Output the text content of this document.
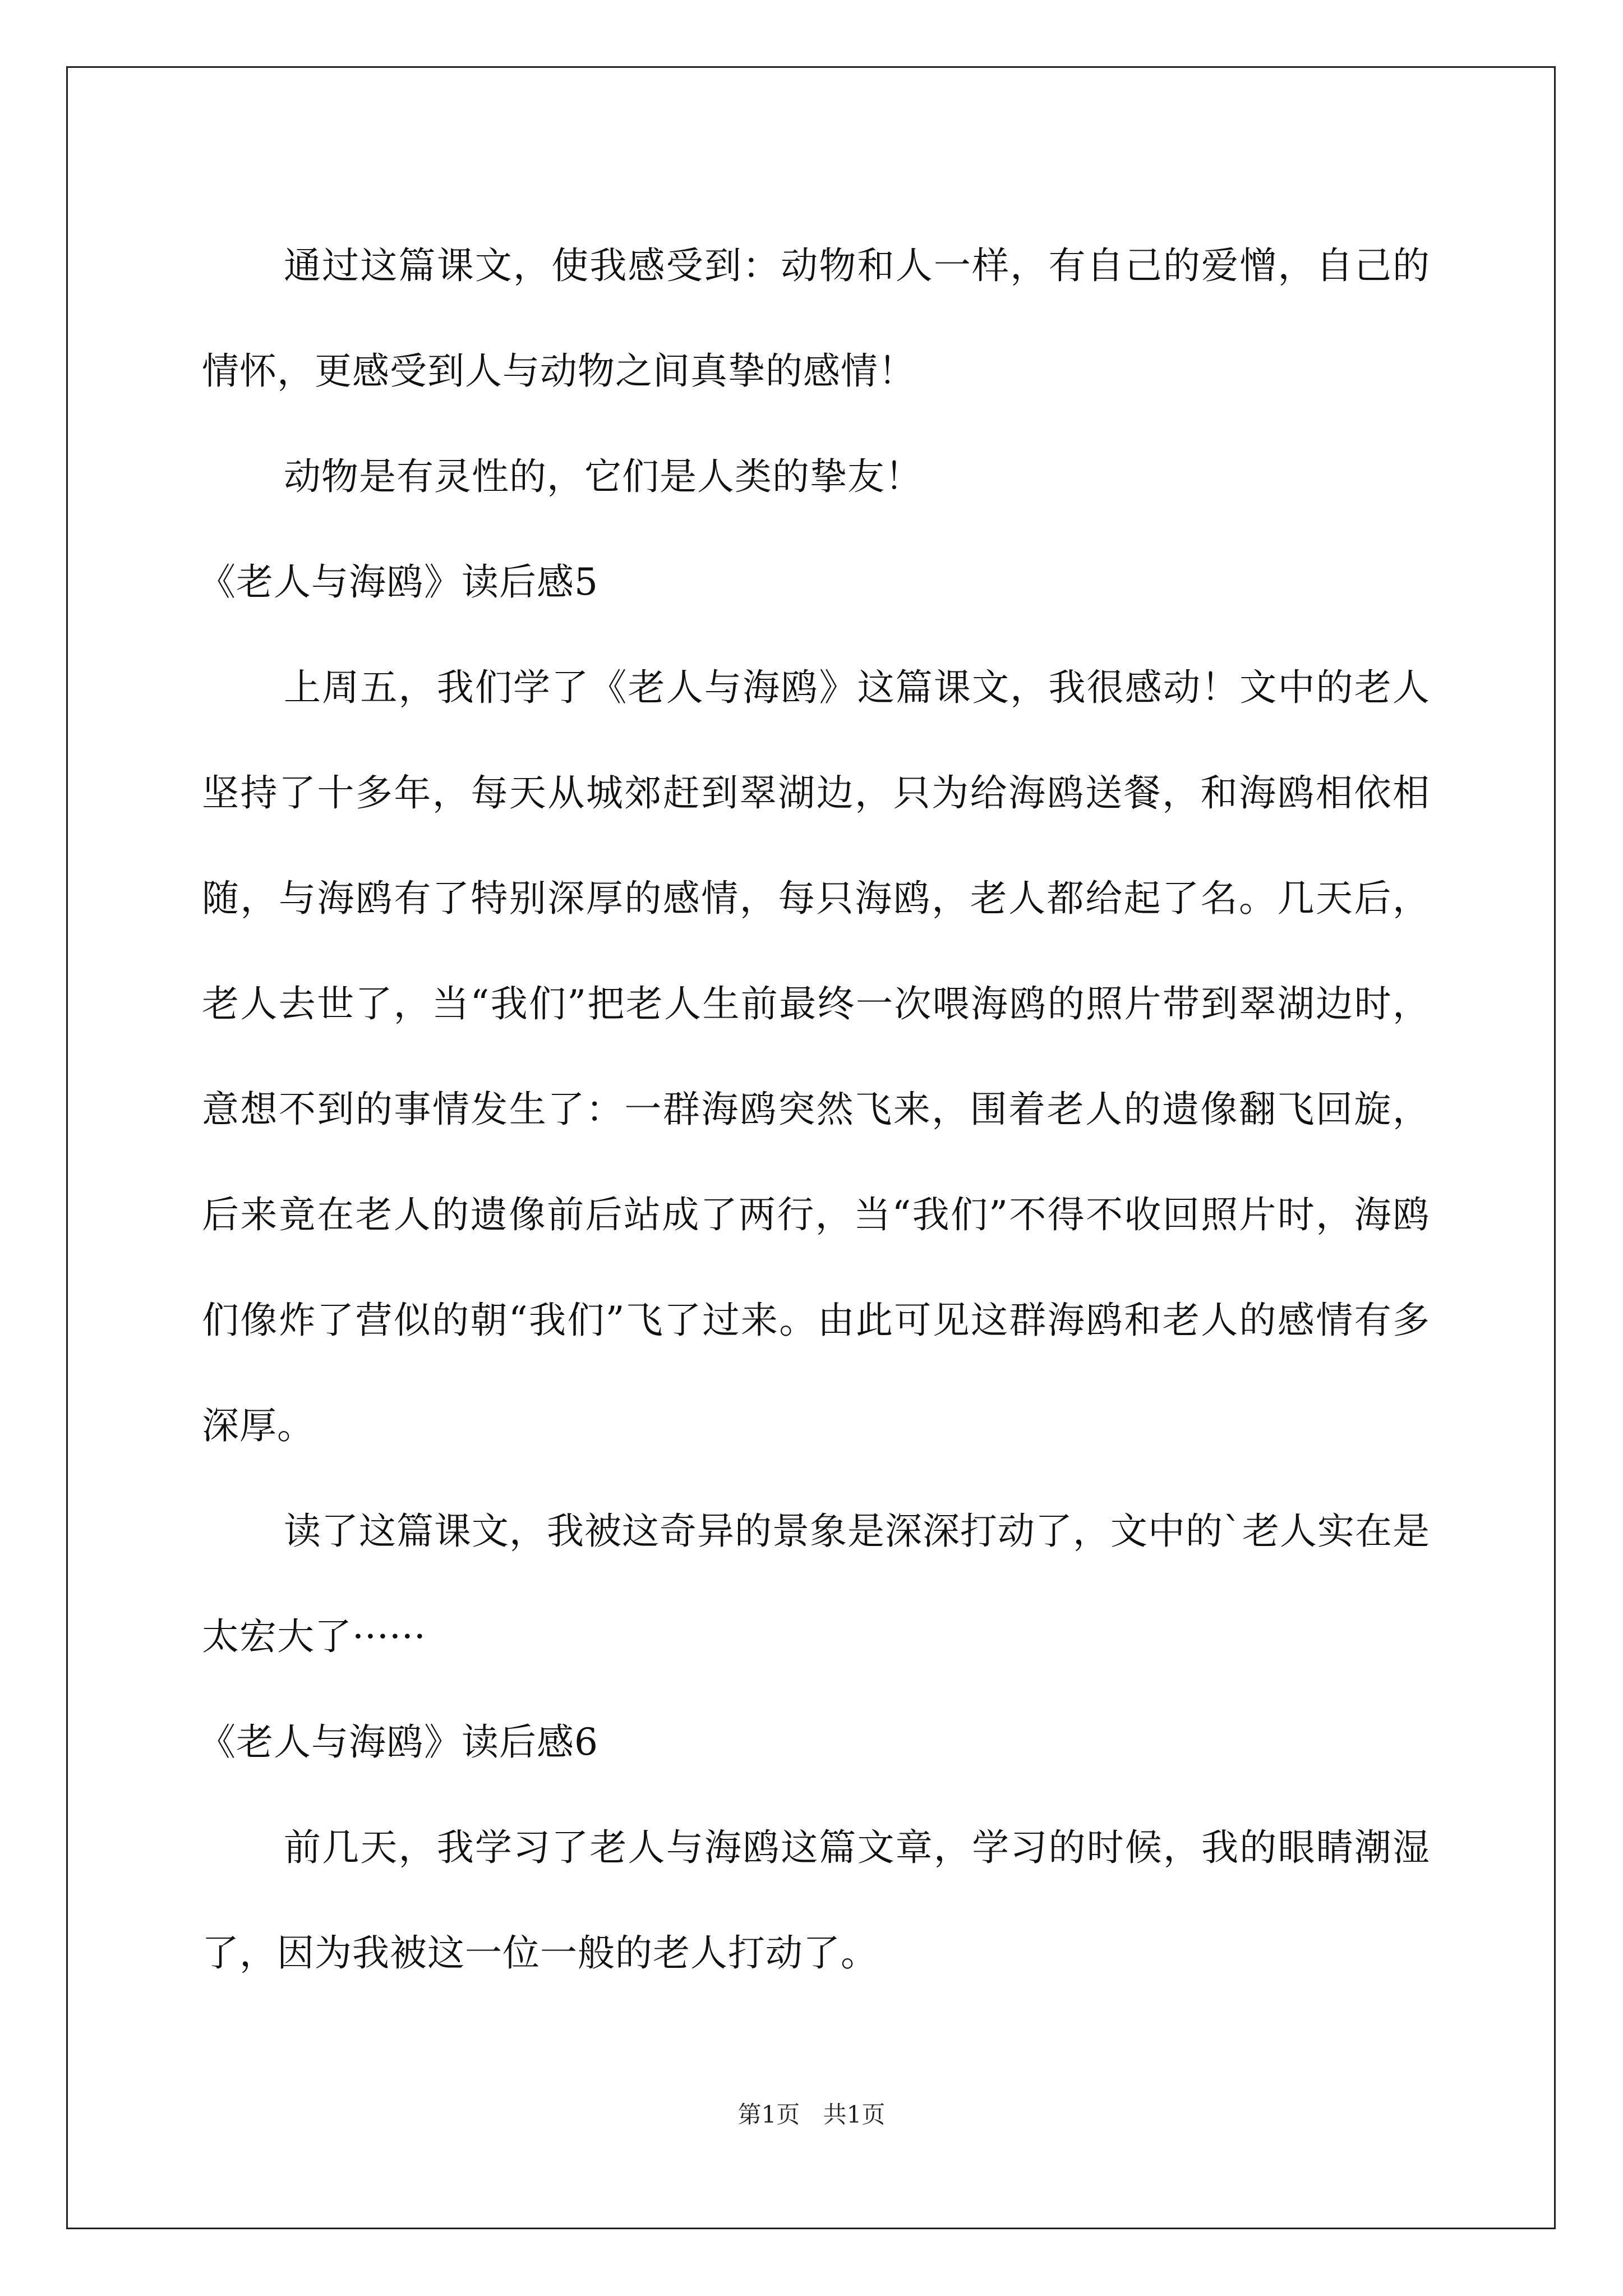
通过这篇课文，使我感受到：动物和人一样，有自己的爱憎，自己的情怀，更感受到人与动物之间真挚的感情！

动物是有灵性的，它们是人类的挚友！

《老人与海鸥》读后感5

上周五，我们学了《老人与海鸥》这篇课文，我很感动！文中的老人坚持了十多年，每天从城郊赶到翠湖边，只为给海鸥送餐，和海鸥相依相随，与海鸥有了特别深厚的感情，每只海鸥，老人都给起了名。几天后，老人去世了，当“我们”把老人生前最终一次喂海鸥的照片带到翠湖边时，意想不到的事情发生了：一群海鸥突然飞来，围着老人的遗像翻飞回旋，后来竟在老人的遗像前后站成了两行，当“我们”不得不收回照片时，海鸥们像炸了营似的朝“我们”飞了过来。由此可见这群海鸥和老人的感情有多深厚。

读了这篇课文，我被这奇异的景象是深深打动了，文中的`老人实在是太宏大了······

《老人与海鸥》读后感6

前几天，我学习了老人与海鸥这篇文章，学习的时候，我的眼睛潮湿了，因为我被这一位一般的老人打动了。

第1页 共1页
